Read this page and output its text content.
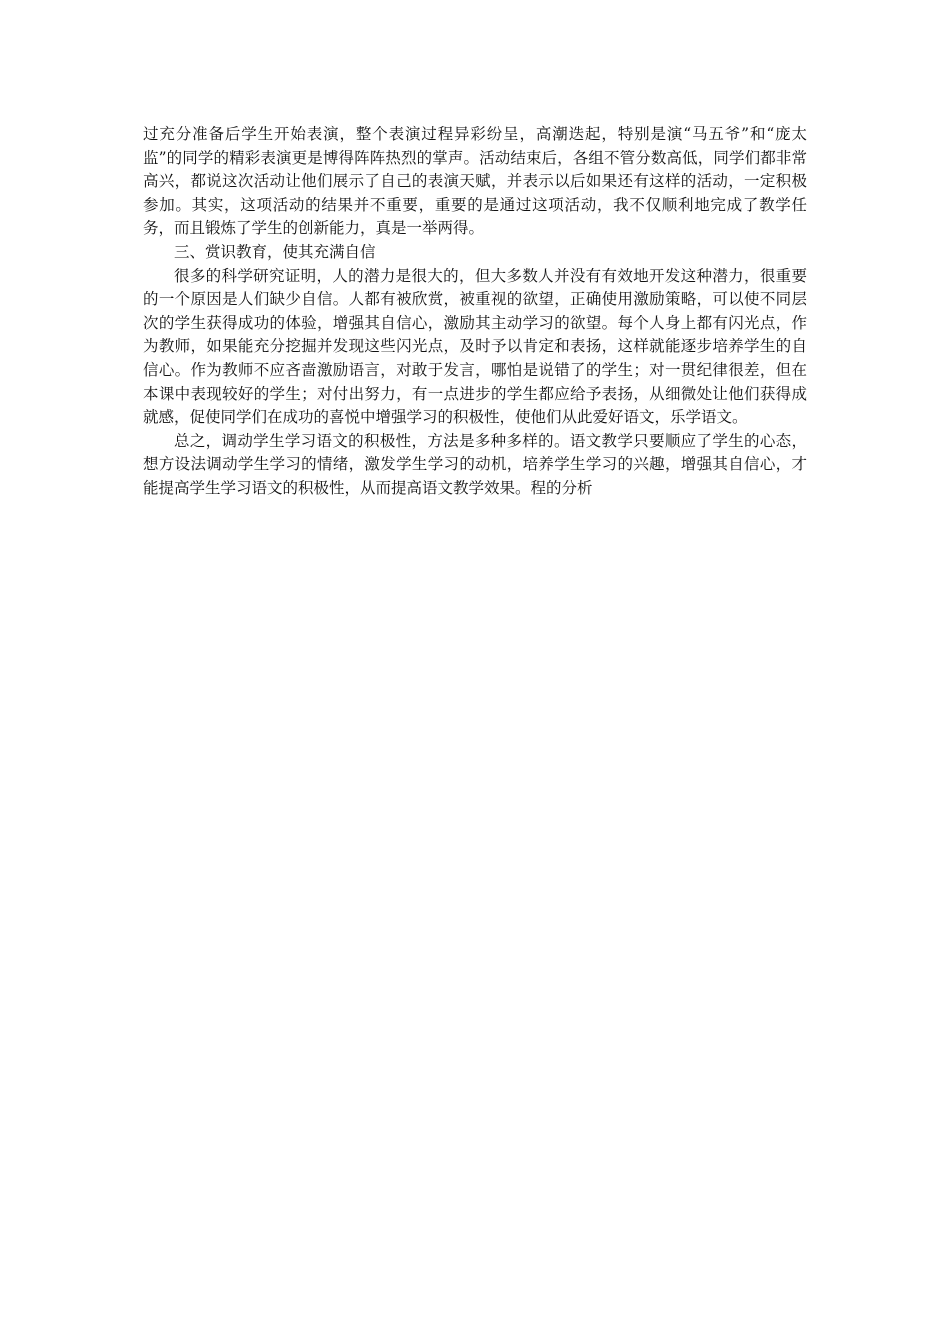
过充分准备后学生开始表演，整个表演过程异彩纷呈，高潮迭起，特别是演“马五爷”和“庞太监”的同学的精彩表演更是博得阵阵热烈的掌声。活动结束后，各组不管分数高低，同学们都非常高兴，都说这次活动让他们展示了自己的表演天赋，并表示以后如果还有这样的活动，一定积极参加。其实，这项活动的结果并不重要，重要的是通过这项活动，我不仅顺利地完成了教学任务，而且锻炼了学生的创新能力，真是一举两得。

三、赏识教育，使其充满自信

很多的科学研究证明，人的潜力是很大的，但大多数人并没有有效地开发这种潜力，很重要的一个原因是人们缺少自信。人都有被欣赏，被重视的欲望，正确使用激励策略，可以使不同层次的学生获得成功的体验，增强其自信心，激励其主动学习的欲望。每个人身上都有闪光点，作为教师，如果能充分挖掘并发现这些闪光点，及时予以肯定和表扬，这样就能逐步培养学生的自信心。作为教师不应吝啬激励语言，对敢于发言，哪怕是说错了的学生；对一贯纪律很差，但在本课中表现较好的学生；对付出努力，有一点进步的学生都应给予表扬，从细微处让他们获得成就感，促使同学们在成功的喜悦中增强学习的积极性，使他们从此爱好语文，乐学语文。

总之，调动学生学习语文的积极性，方法是多种多样的。语文教学只要顺应了学生的心态，想方设法调动学生学习的情绪，激发学生学习的动机，培养学生学习的兴趣，增强其自信心，才能提高学生学习语文的积极性，从而提高语文教学效果。程的分析
